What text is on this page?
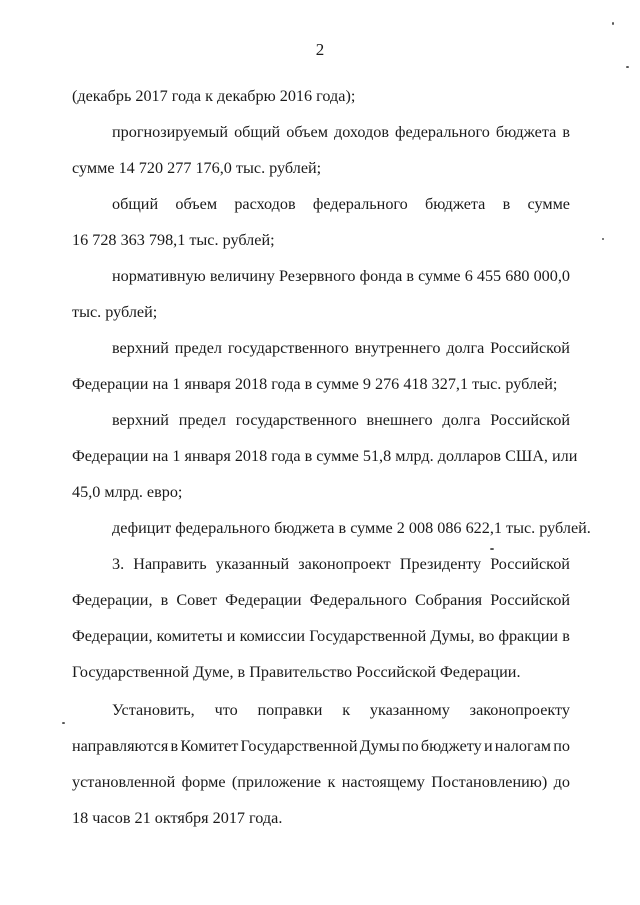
2
(декабрь 2017 года к декабрю 2016 года);
прогнозируемый общий объем доходов федерального бюджета в
сумме 14 720 277 176,0 тыс. рублей;
общий объем расходов федерального бюджета в сумме
16 728 363 798,1 тыс. рублей;
нормативную величину Резервного фонда в сумме 6 455 680 000,0
тыс. рублей;
верхний предел государственного внутреннего долга Российской
Федерации на 1 января 2018 года в сумме 9 276 418 327,1 тыс. рублей;
верхний предел государственного внешнего долга Российской
Федерации на 1 января 2018 года в сумме 51,8 млрд. долларов США, или
45,0 млрд. евро;
дефицит федерального бюджета в сумме 2 008 086 622,1 тыс. рублей.
3. Направить указанный законопроект Президенту Российской
Федерации, в Совет Федерации Федерального Собрания Российской
Федерации, комитеты и комиссии Государственной Думы, во фракции в
Государственной Думе, в Правительство Российской Федерации.
Установить, что поправки к указанному законопроекту
направляются в Комитет Государственной Думы по бюджету и налогам по
установленной форме (приложение к настоящему Постановлению) до
18 часов 21 октября 2017 года.
